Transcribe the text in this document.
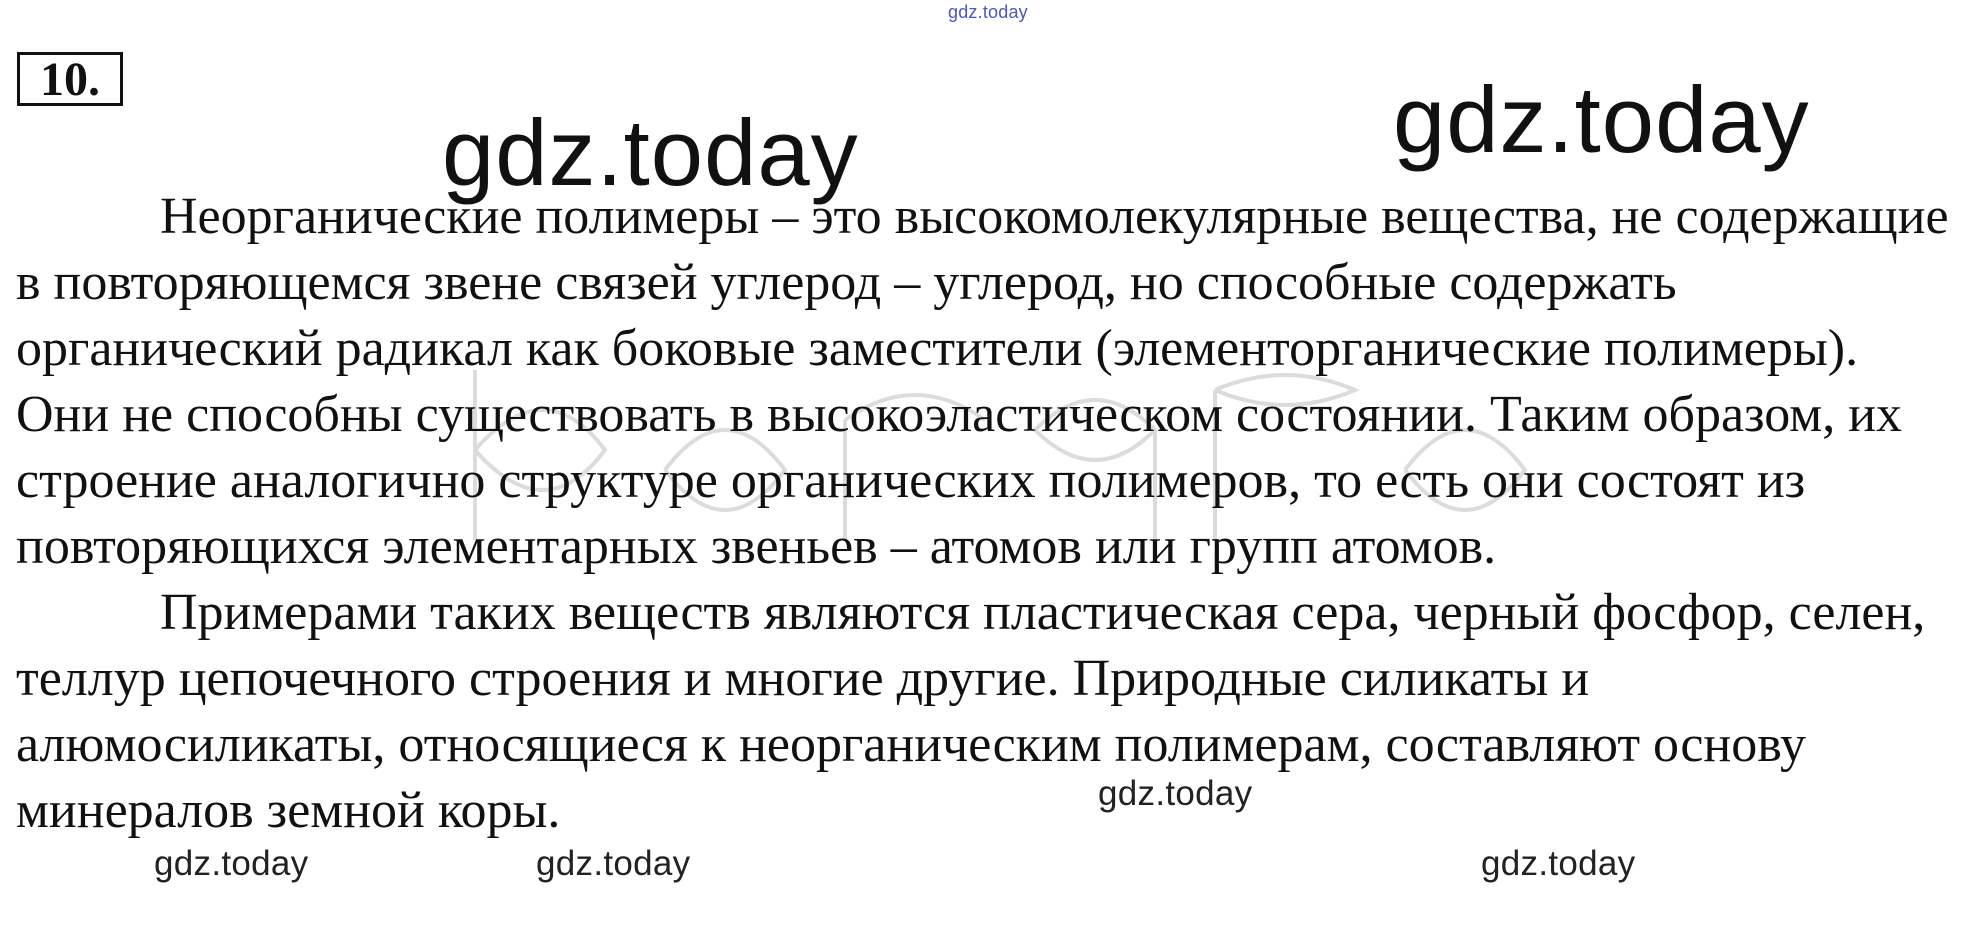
gdz.today
10.
gdz.today	gdz.today

Неорганические полимеры – это высокомолекулярные вещества, не содержащие в повторяющемся звене связей углерод – углерод, но способные содержать органический радикал как боковые заместители (элементорганические полимеры). Они не способны существовать в высокоэластическом состоянии. Таким образом, их строение аналогично структуре органических полимеров, то есть они состоят из повторяющихся элементарных звеньев – атомов или групп атомов.

Примерами таких веществ являются пластическая сера, черный фосфор, селен, теллур цепочечного строения и многие другие. Природные силикаты и алюмосиликаты, относящиеся к неорганическим полимерам, составляют основу минералов земной коры.	gdz.today
gdz.today	gdz.today	gdz.today
